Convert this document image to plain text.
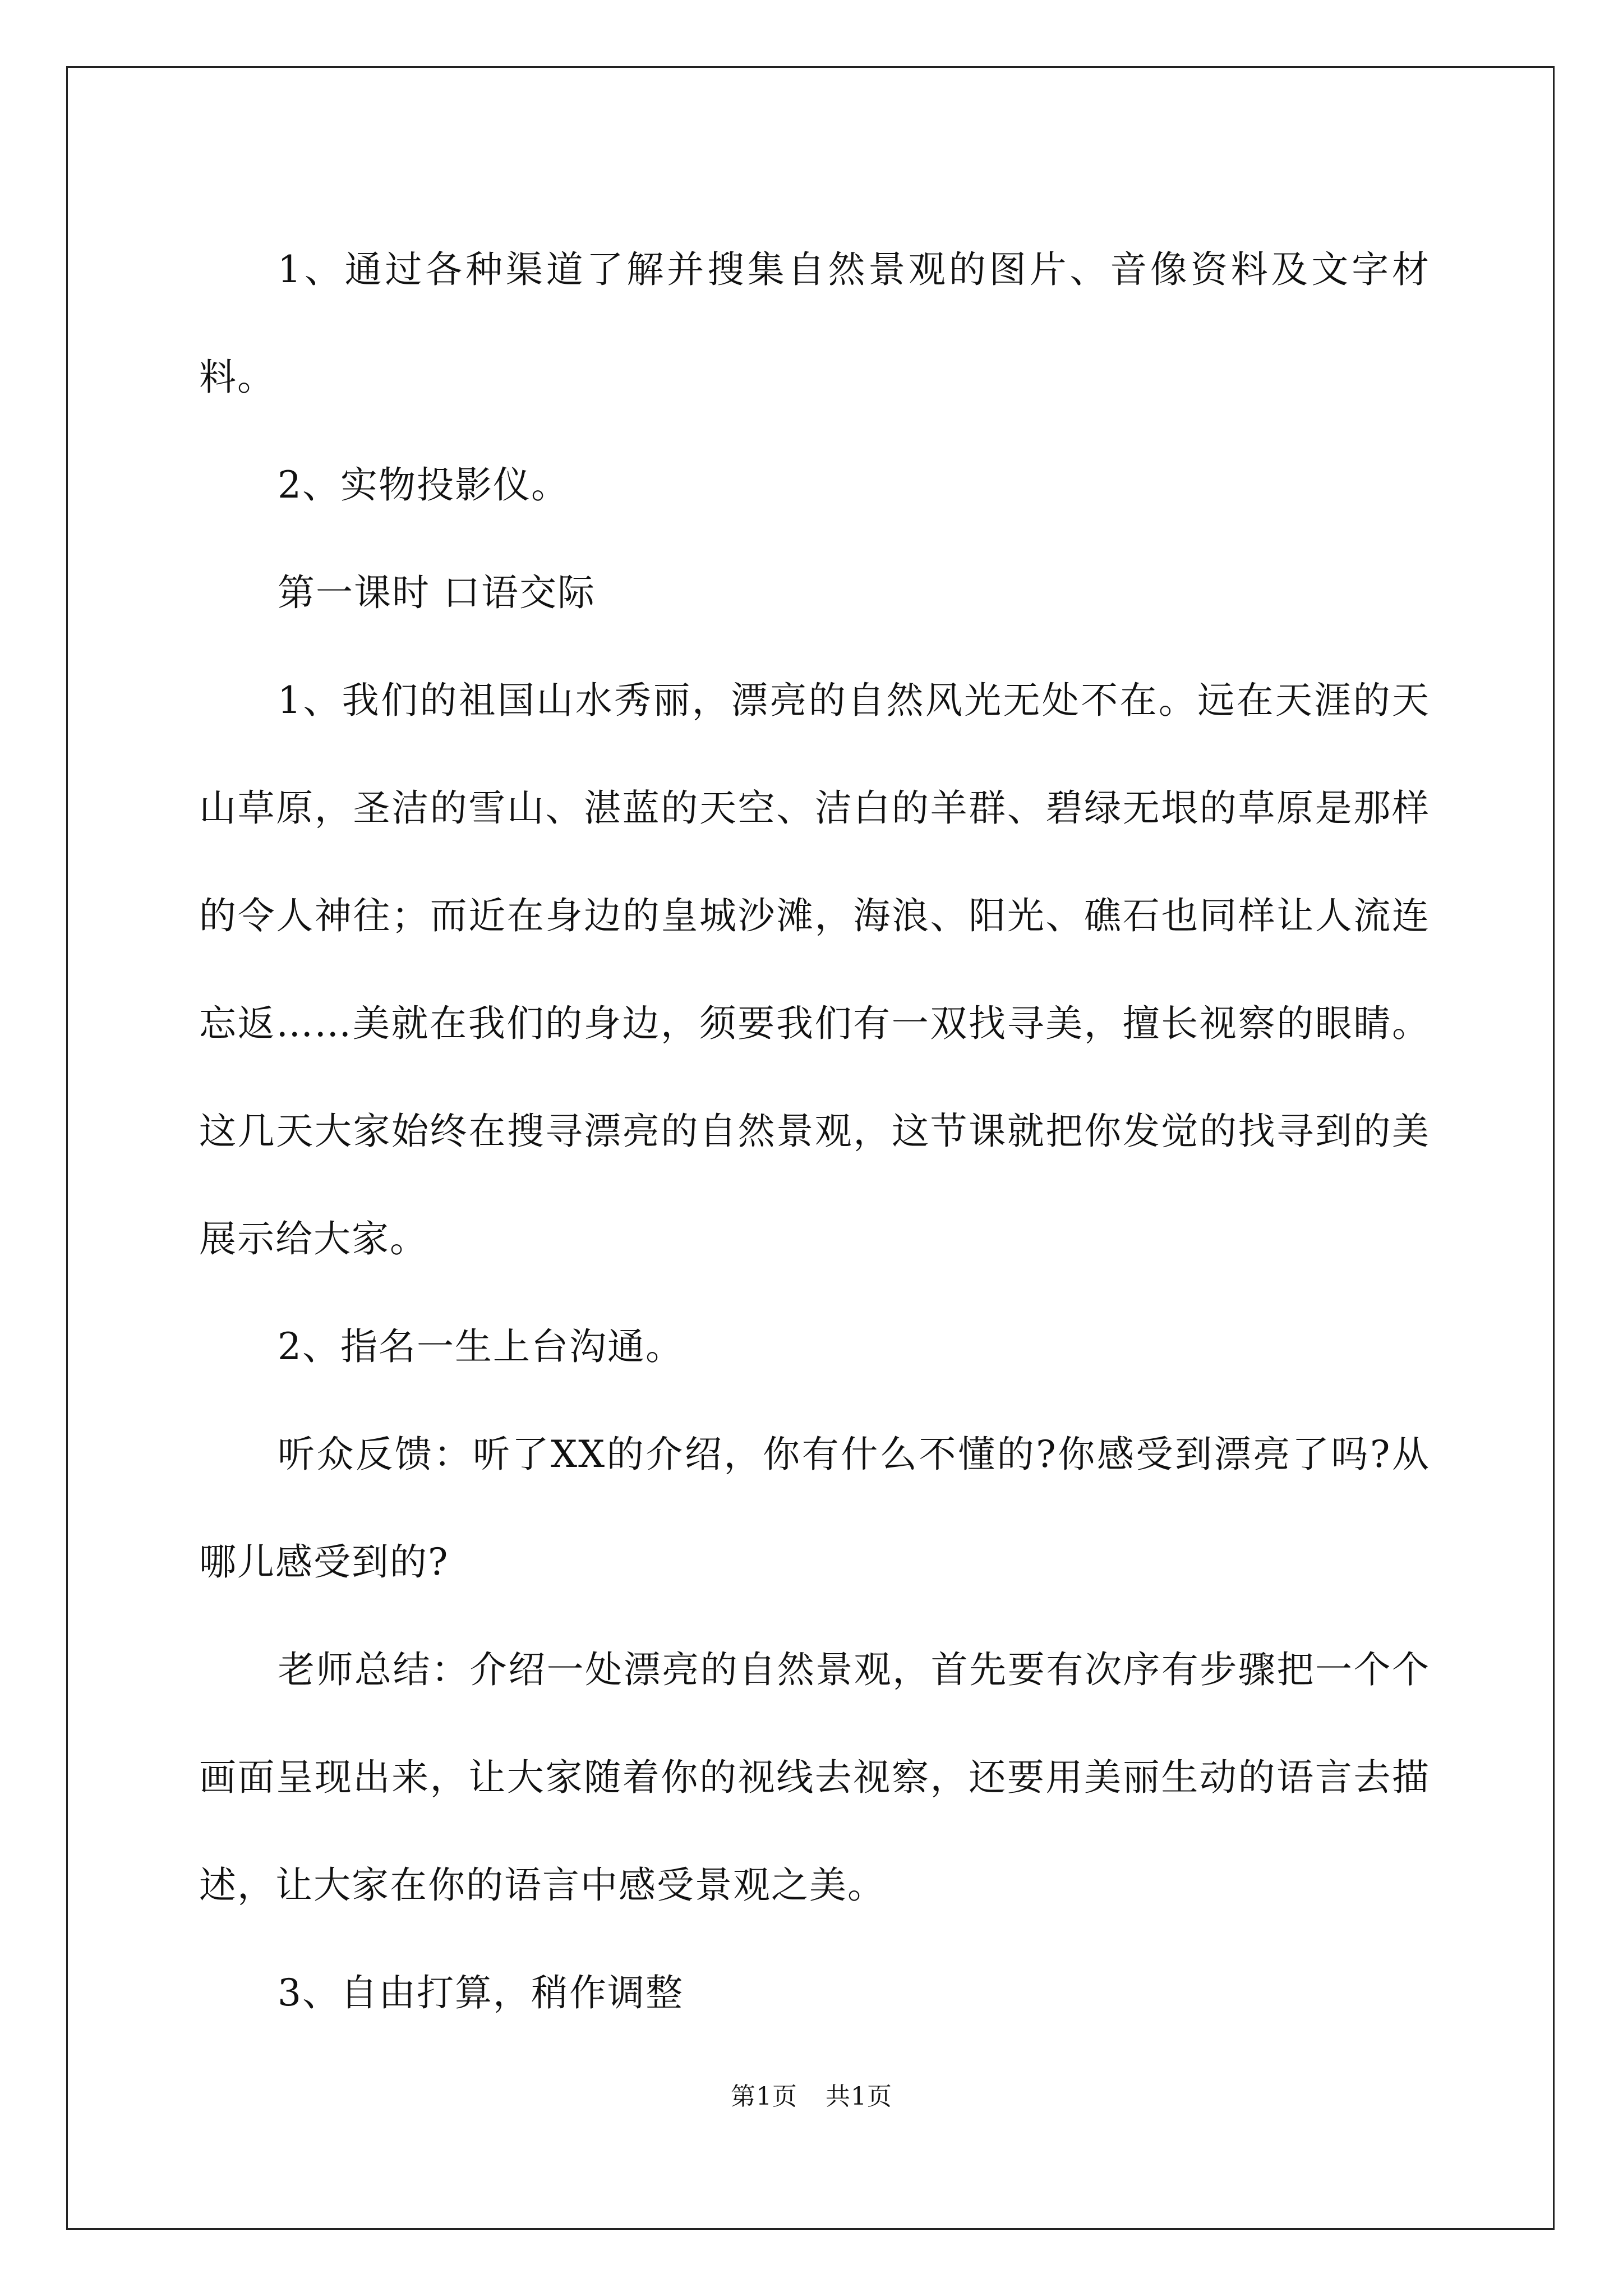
1、通过各种渠道了解并搜集自然景观的图片、音像资料及文字材料。

2、实物投影仪。

第一课时 口语交际

1、我们的祖国山水秀丽，漂亮的自然风光无处不在。远在天涯的天山草原，圣洁的雪山、湛蓝的天空、洁白的羊群、碧绿无垠的草原是那样的令人神往；而近在身边的皇城沙滩，海浪、阳光、礁石也同样让人流连忘返……美就在我们的身边，须要我们有一双找寻美，擅长视察的眼睛。这几天大家始终在搜寻漂亮的自然景观，这节课就把你发觉的找寻到的美展示给大家。

2、指名一生上台沟通。

听众反馈：听了XX的介绍，你有什么不懂的?你感受到漂亮了吗?从哪儿感受到的?

老师总结：介绍一处漂亮的自然景观，首先要有次序有步骤把一个个画面呈现出来，让大家随着你的视线去视察，还要用美丽生动的语言去描述，让大家在你的语言中感受景观之美。

3、自由打算，稍作调整

第1页 共1页
